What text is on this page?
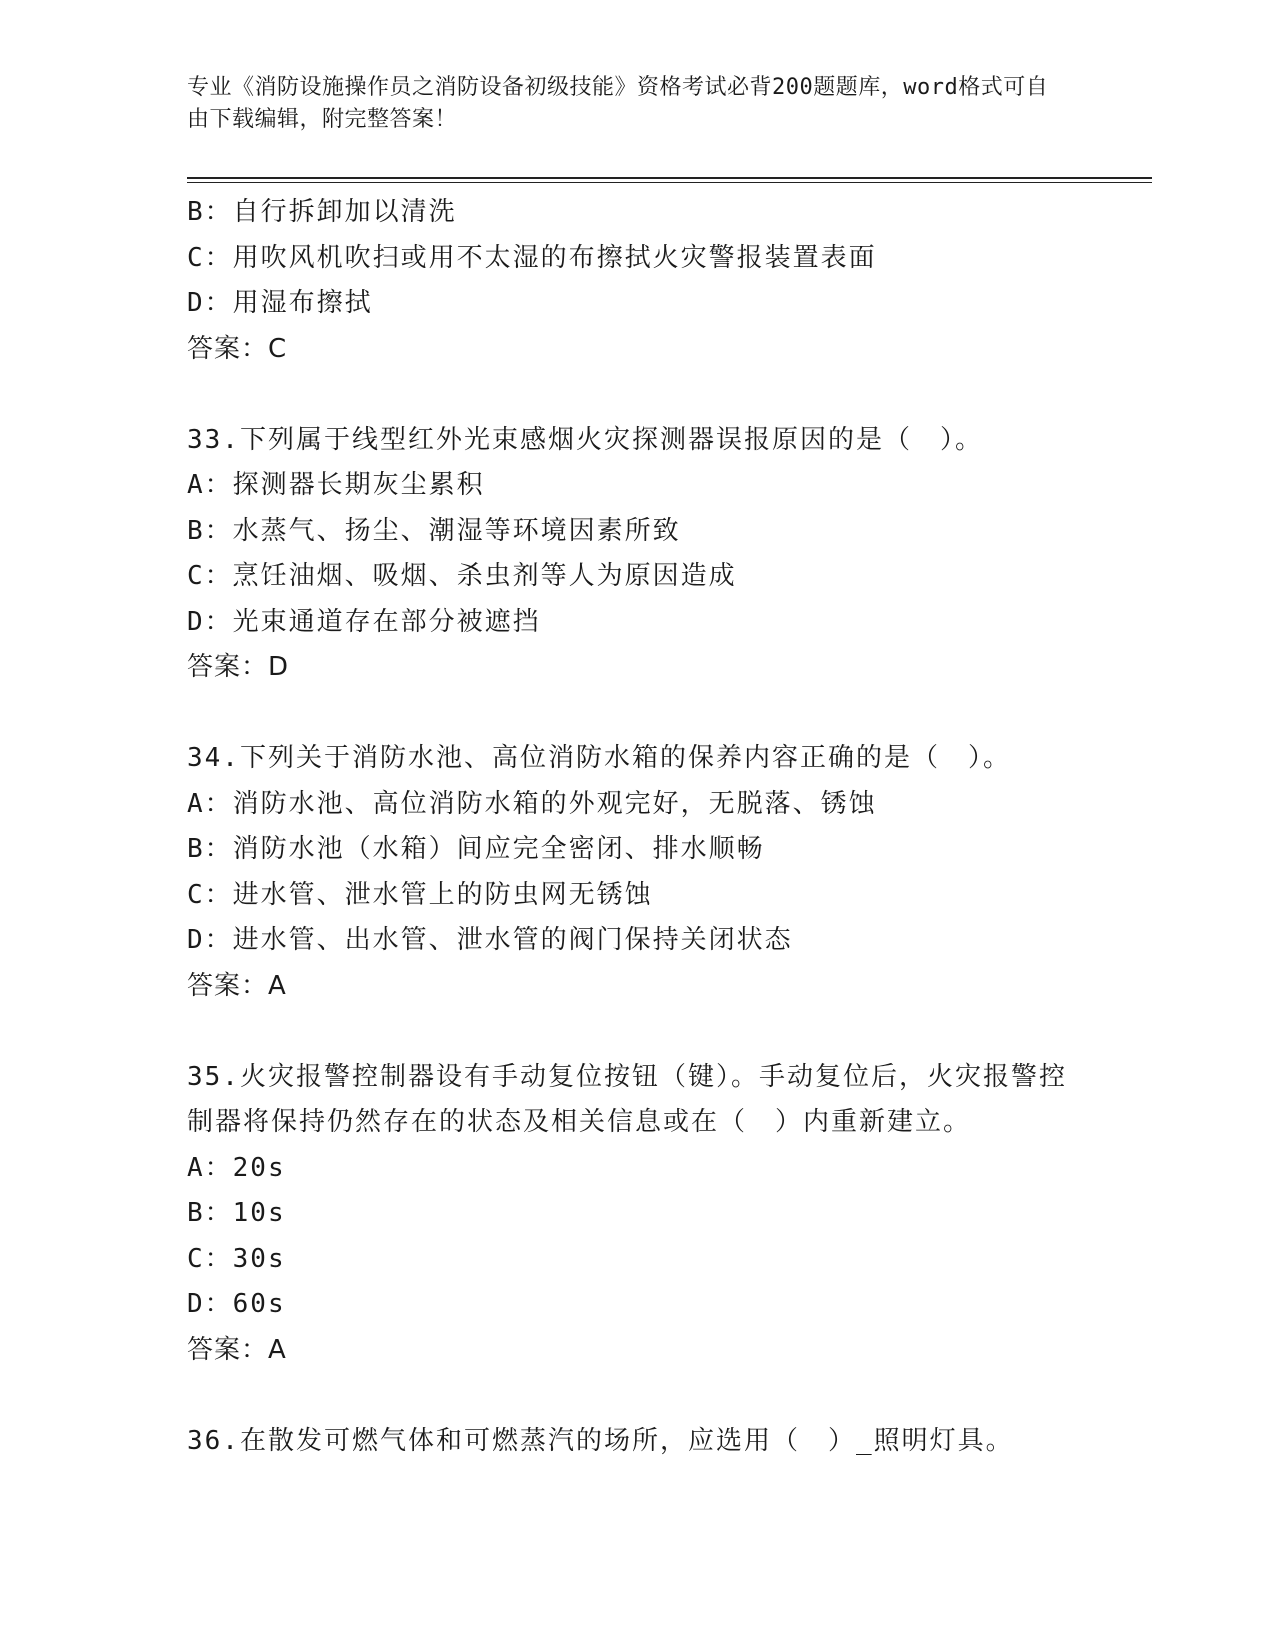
专业《消防设施操作员之消防设备初级技能》资格考试必背200题题库，word格式可自由下载编辑，附完整答案！
B：自行拆卸加以清洗
C：用吹风机吹扫或用不太湿的布擦拭火灾警报装置表面
D：用湿布擦拭
答案：C
33.下列属于线型红外光束感烟火灾探测器误报原因的是（　）。
A：探测器长期灰尘累积
B：水蒸气、扬尘、潮湿等环境因素所致
C：烹饪油烟、吸烟、杀虫剂等人为原因造成
D：光束通道存在部分被遮挡
答案：D
34.下列关于消防水池、高位消防水箱的保养内容正确的是（　）。
A：消防水池、高位消防水箱的外观完好，无脱落、锈蚀
B：消防水池（水箱）间应完全密闭、排水顺畅
C：进水管、泄水管上的防虫网无锈蚀
D：进水管、出水管、泄水管的阀门保持关闭状态
答案：A
35.火灾报警控制器设有手动复位按钮（键）。手动复位后，火灾报警控制器将保持仍然存在的状态及相关信息或在（　）内重新建立。
A：20s
B：10s
C：30s
D：60s
答案：A
36.在散发可燃气体和可燃蒸汽的场所，应选用（　）_照明灯具。
